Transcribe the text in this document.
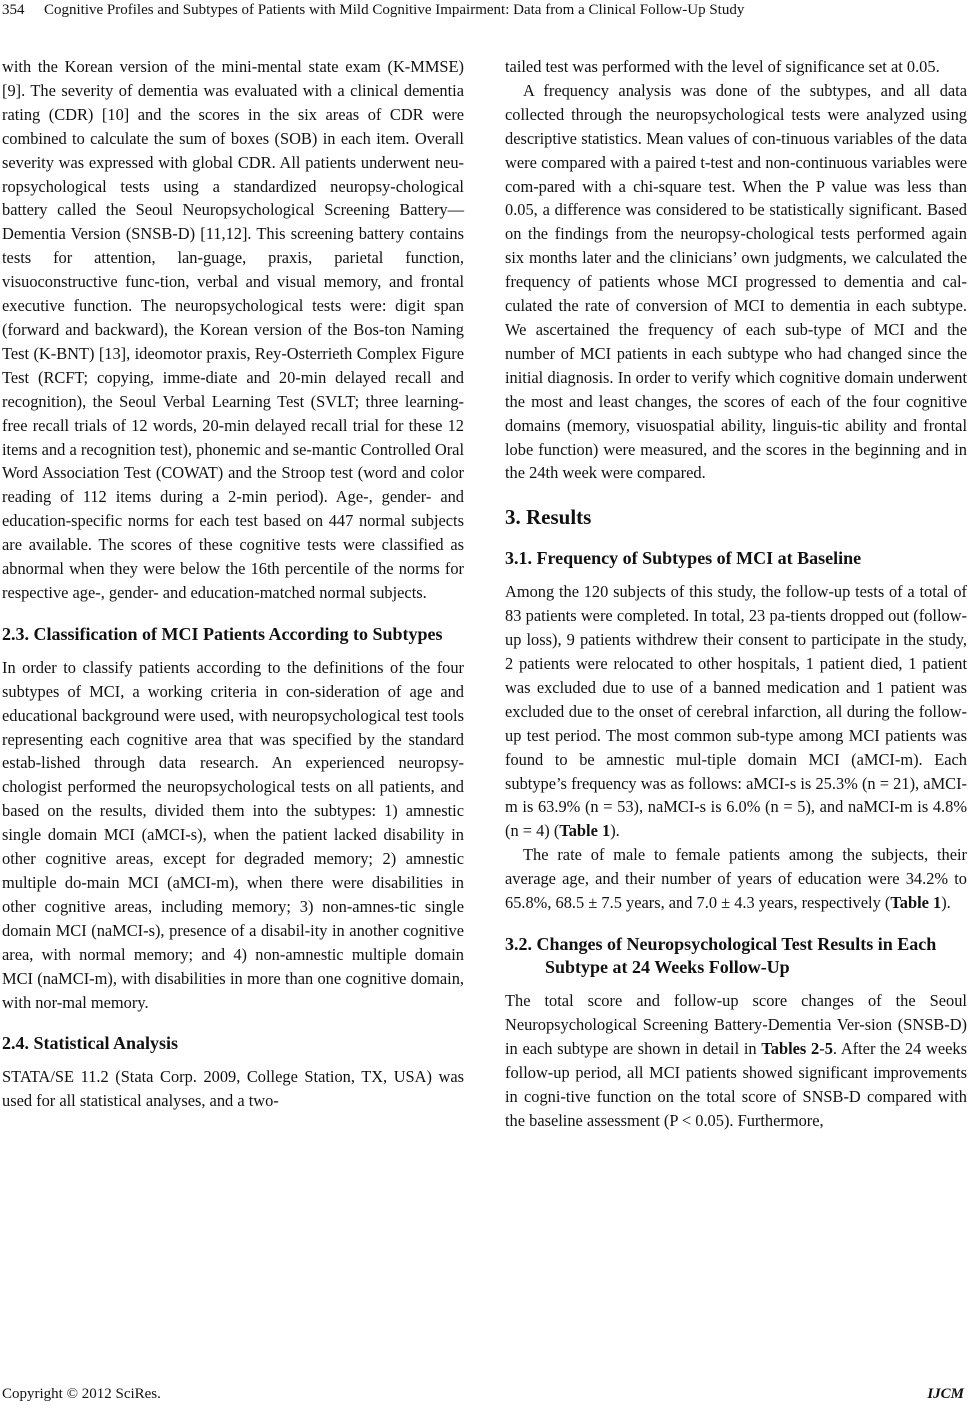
354 Cognitive Profiles and Subtypes of Patients with Mild Cognitive Impairment: Data from a Clinical Follow-Up Study

with the Korean version of the mini-mental state exam (K-MMSE) [9]. The severity of dementia was evaluated with a clinical dementia rating (CDR) [10] and the scores in the six areas of CDR were combined to calculate the sum of boxes (SOB) in each item. Overall severity was expressed with global CDR. All patients underwent neu-ropsychological tests using a standardized neuropsy-chological battery called the Seoul Neuropsychological Screening Battery—Dementia Version (SNSB-D) [11,12]. This screening battery contains tests for attention, lan-guage, praxis, parietal function, visuoconstructive func-tion, verbal and visual memory, and frontal executive function. The neuropsychological tests were: digit span (forward and backward), the Korean version of the Bos-ton Naming Test (K-BNT) [13], ideomotor praxis, Rey-Osterrieth Complex Figure Test (RCFT; copying, imme-diate and 20-min delayed recall and recognition), the Seoul Verbal Learning Test (SVLT; three learning-free recall trials of 12 words, 20-min delayed recall trial for these 12 items and a recognition test), phonemic and se-mantic Controlled Oral Word Association Test (COWAT) and the Stroop test (word and color reading of 112 items during a 2-min period). Age-, gender- and education-specific norms for each test based on 447 normal subjects are available. The scores of these cognitive tests were classified as abnormal when they were below the 16th percentile of the norms for respective age-, gender- and education-matched normal subjects.

2.3. Classification of MCI Patients According to Subtypes

In order to classify patients according to the definitions of the four subtypes of MCI, a working criteria in con-sideration of age and educational background were used, with neuropsychological test tools representing each cognitive area that was specified by the standard estab-lished through data research. An experienced neuropsy-chologist performed the neuropsychological tests on all patients, and based on the results, divided them into the subtypes: 1) amnestic single domain MCI (aMCI-s), when the patient lacked disability in other cognitive areas, except for degraded memory; 2) amnestic multiple do-main MCI (aMCI-m), when there were disabilities in other cognitive areas, including memory; 3) non-amnes-tic single domain MCI (naMCI-s), presence of a disabil-ity in another cognitive area, with normal memory; and 4) non-amnestic multiple domain MCI (naMCI-m), with disabilities in more than one cognitive domain, with nor-mal memory.

2.4. Statistical Analysis

STATA/SE 11.2 (Stata Corp. 2009, College Station, TX, USA) was used for all statistical analyses, and a two-

tailed test was performed with the level of significance set at 0.05.

A frequency analysis was done of the subtypes, and all data collected through the neuropsychological tests were analyzed using descriptive statistics. Mean values of con-tinuous variables of the data were compared with a paired t-test and non-continuous variables were com-pared with a chi-square test. When the P value was less than 0.05, a difference was considered to be statistically significant. Based on the findings from the neuropsy-chological tests performed again six months later and the clinicians’ own judgments, we calculated the frequency of patients whose MCI progressed to dementia and cal-culated the rate of conversion of MCI to dementia in each subtype. We ascertained the frequency of each sub-type of MCI and the number of MCI patients in each subtype who had changed since the initial diagnosis. In order to verify which cognitive domain underwent the most and least changes, the scores of each of the four cognitive domains (memory, visuospatial ability, linguis-tic ability and frontal lobe function) were measured, and the scores in the beginning and in the 24th week were compared.

3. Results
3.1. Frequency of Subtypes of MCI at Baseline

Among the 120 subjects of this study, the follow-up tests of a total of 83 patients were completed. In total, 23 pa-tients dropped out (follow-up loss), 9 patients withdrew their consent to participate in the study, 2 patients were relocated to other hospitals, 1 patient died, 1 patient was excluded due to use of a banned medication and 1 patient was excluded due to the onset of cerebral infarction, all during the follow-up test period. The most common sub-type among MCI patients was found to be amnestic mul-tiple domain MCI (aMCI-m). Each subtype’s frequency was as follows: aMCI-s is 25.3% (n = 21), aMCI-m is 63.9% (n = 53), naMCI-s is 6.0% (n = 5), and naMCI-m is 4.8% (n = 4) (Table 1).

The rate of male to female patients among the subjects, their average age, and their number of years of education were 34.2% to 65.8%, 68.5 ± 7.5 years, and 7.0 ± 4.3 years, respectively (Table 1).

3.2. Changes of Neuropsychological Test Results in Each Subtype at 24 Weeks Follow-Up

The total score and follow-up score changes of the Seoul Neuropsychological Screening Battery-Dementia Ver-sion (SNSB-D) in each subtype are shown in detail in Tables 2-5. After the 24 weeks follow-up period, all MCI patients showed significant improvements in cogni-tive function on the total score of SNSB-D compared with the baseline assessment (P < 0.05). Furthermore,

Copyright © 2012 SciRes.	IJCM
